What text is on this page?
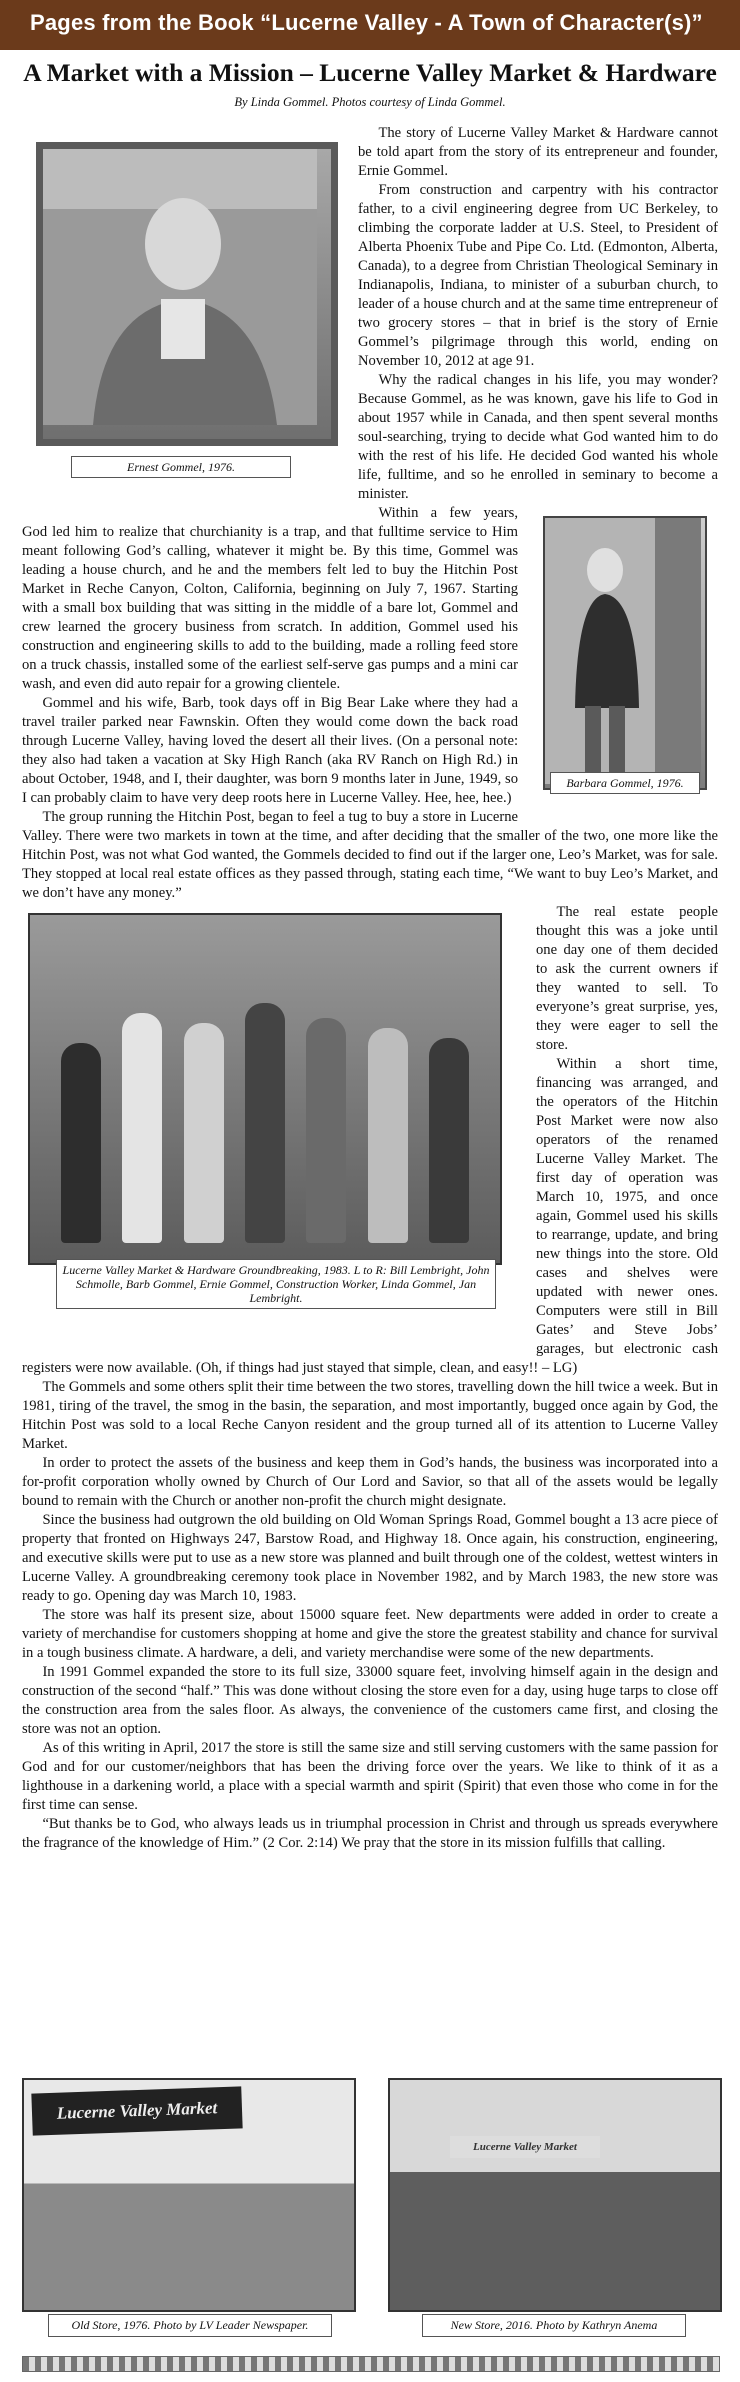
Pages from the Book “Lucerne Valley - A Town of Character(s)”
A Market with a Mission – Lucerne Valley Market & Hardware
By Linda Gommel. Photos courtesy of Linda Gommel.
Ernest Gommel, 1976.

The story of Lucerne Valley Market & Hardware cannot be told apart from the story of its entrepreneur and founder, Ernie Gommel.

From construction and carpentry with his contractor father, to a civil engineering degree from UC Berkeley, to climbing the corporate ladder at U.S. Steel, to President of Alberta Phoenix Tube and Pipe Co. Ltd. (Edmonton, Alberta, Canada), to a degree from Christian Theological Seminary in Indianapolis, Indiana, to minister of a suburban church, to leader of a house church and at the same time entrepreneur of two grocery stores – that in brief is the story of Ernie Gommel’s pilgrimage through this world, ending on November 10, 2012 at age 91.

Why the radical changes in his life, you may wonder? Because Gommel, as he was known, gave his life to God in about 1957 while in Canada, and then spent several months soul-searching, trying to decide what God wanted him to do with the rest of his life. He decided God wanted his whole life, fulltime, and so he enrolled in seminary to become a minister.

Barbara Gommel, 1976.

Within a few years, God led him to realize that churchianity is a trap, and that fulltime service to Him meant following God’s calling, whatever it might be. By this time, Gommel was leading a house church, and he and the members felt led to buy the Hitchin Post Market in Reche Canyon, Colton, California, beginning on July 7, 1967. Starting with a small box building that was sitting in the middle of a bare lot, Gommel and crew learned the grocery business from scratch. In addition, Gommel used his construction and engineering skills to add to the building, made a rolling feed store on a truck chassis, installed some of the earliest self-serve gas pumps and a mini car wash, and even did auto repair for a growing clientele.

Gommel and his wife, Barb, took days off in Big Bear Lake where they had a travel trailer parked near Fawnskin. Often they would come down the back road through Lucerne Valley, having loved the desert all their lives. (On a personal note: they also had taken a vacation at Sky High Ranch (aka RV Ranch on High Rd.) in about October, 1948, and I, their daughter, was born 9 months later in June, 1949, so I can probably claim to have very deep roots here in Lucerne Valley. Hee, hee, hee.)

The group running the Hitchin Post, began to feel a tug to buy a store in Lucerne Valley. There were two markets in town at the time, and after deciding that the smaller of the two, one more like the Hitchin Post, was not what God wanted, the Gommels decided to find out if the larger one, Leo’s Market, was for sale. They stopped at local real estate offices as they passed through, stating each time, “We want to buy Leo’s Market, and we don’t have any money.”

Lucerne Valley Market & Hardware Groundbreaking, 1983. L to R: Bill Lembright, John Schmolle, Barb Gommel, Ernie Gommel, Construction Worker, Linda Gommel, Jan Lembright.

The real estate people thought this was a joke until one day one of them decided to ask the current owners if they wanted to sell. To everyone’s great surprise, yes, they were eager to sell the store.

Within a short time, financing was arranged, and the operators of the Hitchin Post Market were now also operators of the renamed Lucerne Valley Market. The first day of operation was March 10, 1975, and once again, Gommel used his skills to rearrange, update, and bring new things into the store. Old cases and shelves were updated with newer ones. Computers were still in Bill Gates’ and Steve Jobs’ garages, but electronic cash registers were now available. (Oh, if things had just stayed that simple, clean, and easy!! – LG)

The Gommels and some others split their time between the two stores, travelling down the hill twice a week. But in 1981, tiring of the travel, the smog in the basin, the separation, and most importantly, bugged once again by God, the Hitchin Post was sold to a local Reche Canyon resident and the group turned all of its attention to Lucerne Valley Market.

In order to protect the assets of the business and keep them in God’s hands, the business was incorporated into a for-profit corporation wholly owned by Church of Our Lord and Savior, so that all of the assets would be legally bound to remain with the Church or another non-profit the church might designate.

Since the business had outgrown the old building on Old Woman Springs Road, Gommel bought a 13 acre piece of property that fronted on Highways 247, Barstow Road, and Highway 18. Once again, his construction, engineering, and executive skills were put to use as a new store was planned and built through one of the coldest, wettest winters in Lucerne Valley. A groundbreaking ceremony took place in November 1982, and by March 1983, the new store was ready to go. Opening day was March 10, 1983.

The store was half its present size, about 15000 square feet. New departments were added in order to create a variety of merchandise for customers shopping at home and give the store the greatest stability and chance for survival in a tough business climate. A hardware, a deli, and variety merchandise were some of the new departments.

In 1991 Gommel expanded the store to its full size, 33000 square feet, involving himself again in the design and construction of the second “half.” This was done without closing the store even for a day, using huge tarps to close off the construction area from the sales floor. As always, the convenience of the customers came first, and closing the store was not an option.

As of this writing in April, 2017 the store is still the same size and still serving customers with the same passion for God and for our customer/neighbors that has been the driving force over the years. We like to think of it as a lighthouse in a darkening world, a place with a special warmth and spirit (Spirit) that even those who come in for the first time can sense.

“But thanks be to God, who always leads us in triumphal procession in Christ and through us spreads everywhere the fragrance of the knowledge of Him.” (2 Cor. 2:14) We pray that the store in its mission fulfills that calling.

Lucerne Valley Market
Old Store, 1976. Photo by LV Leader Newspaper.
Lucerne Valley Market
New Store, 2016. Photo by Kathryn Anema
